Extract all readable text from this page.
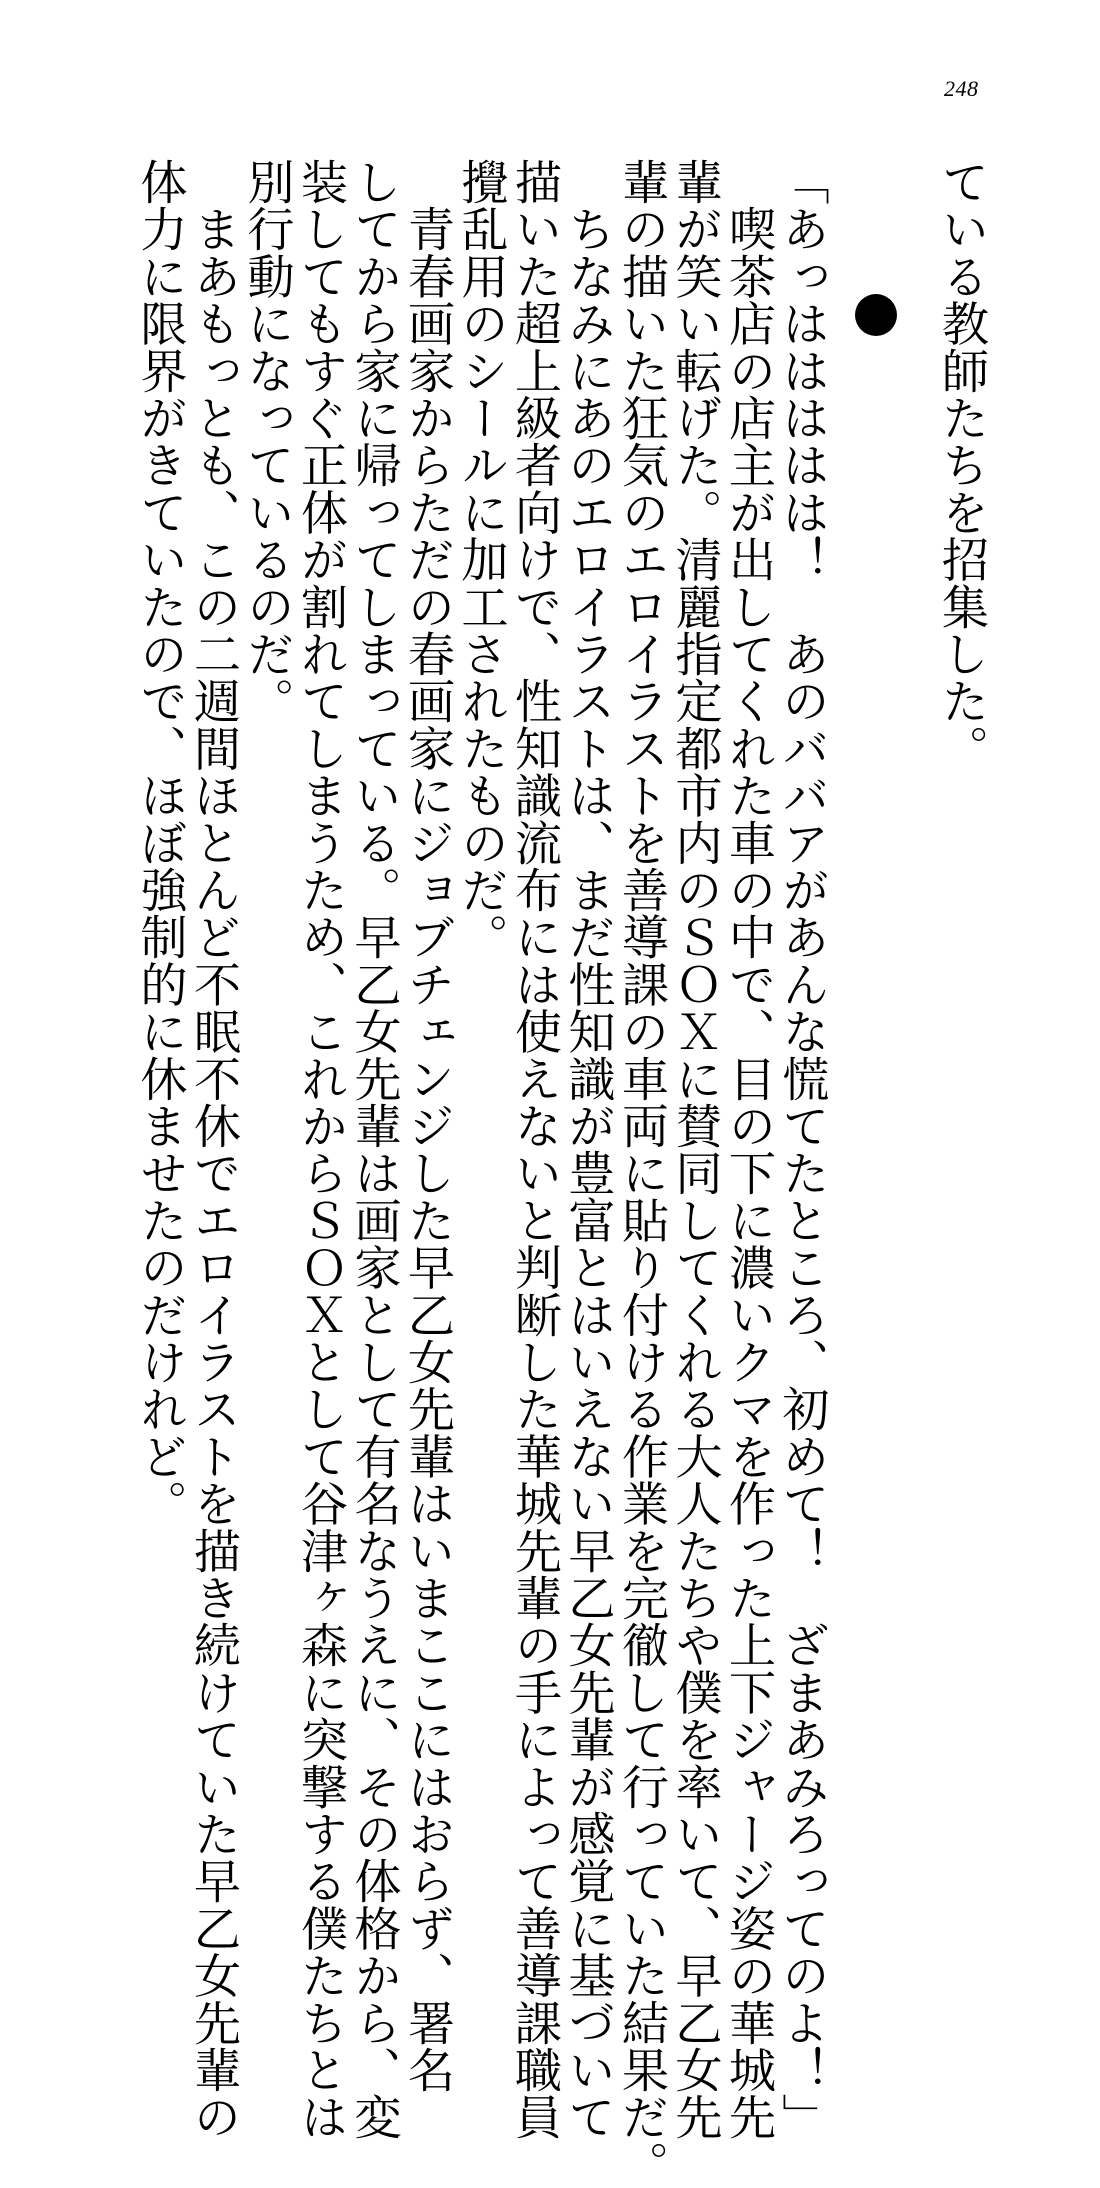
248
ている教師たちを招集した。
「あっははははは！　あのババアがあんな慌てたところ、初めて！　ざまあみろってのよ！」
　喫茶店の店主が出してくれた車の中で、目の下に濃いクマを作った上下ジャージ姿の華城先
輩が笑い転げた。清麗指定都市内のＳＯＸに賛同してくれる大人たちや僕を率いて、早乙女先
輩の描いた狂気のエロイラストを善導課の車両に貼り付ける作業を完徹して行っていた結果だ。
　ちなみにあのエロイラストは、まだ性知識が豊富とはいえない早乙女先輩が感覚に基づいて
描いた超上級者向けで、性知識流布には使えないと判断した華城先輩の手によって善導課職員
攪乱用のシールに加工されたものだ。
　青春画家からただの春画家にジョブチェンジした早乙女先輩はいまここにはおらず、署名
してから家に帰ってしまっている。早乙女先輩は画家として有名なうえに、その体格から、変
装してもすぐ正体が割れてしまうため、これからＳＯＸとして谷津ヶ森に突撃する僕たちとは
別行動になっているのだ。
　まあもっとも、この二週間ほとんど不眠不休でエロイラストを描き続けていた早乙女先輩の
体力に限界がきていたので、ほぼ強制的に休ませたのだけれど。
